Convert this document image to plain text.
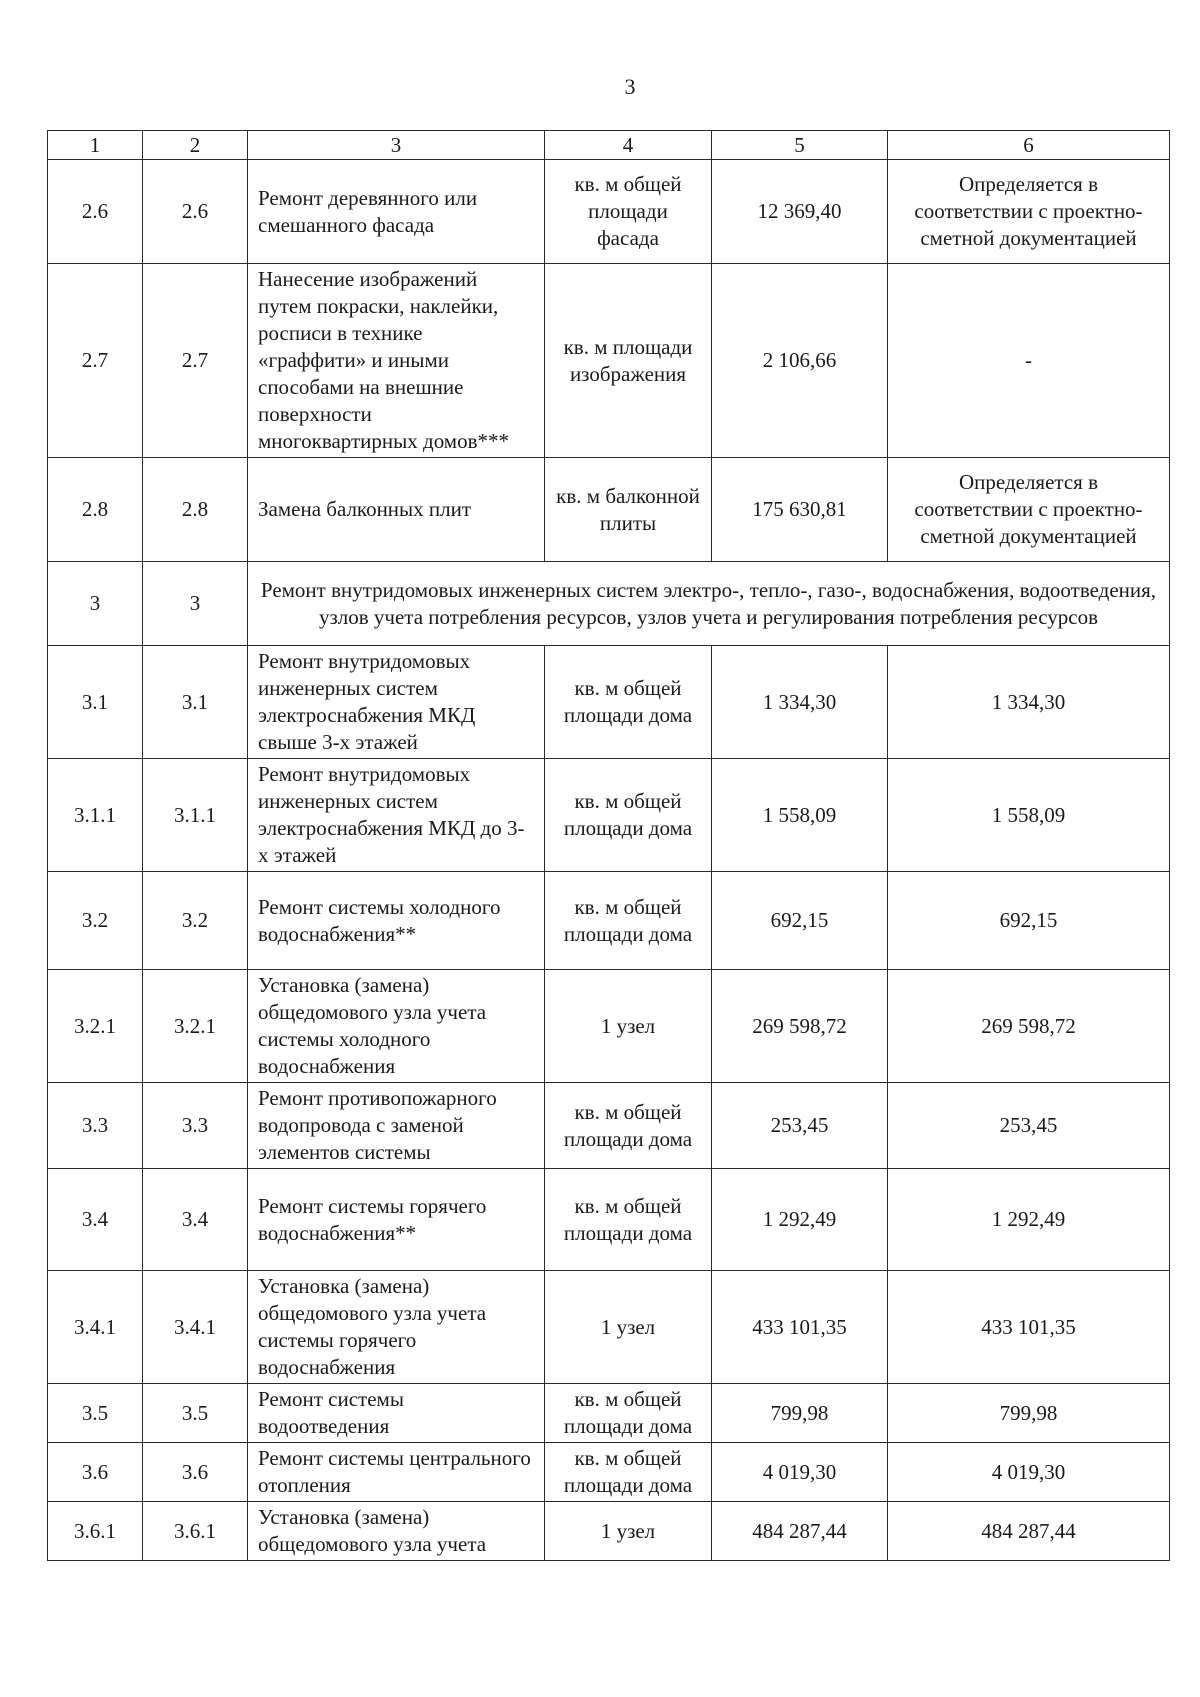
3
1	2	3	4	5	6
2.6	2.6	Ремонт деревянного или смешанного фасада	кв. м общей площади фасада	12 369,40	Определяется в соответствии с проектно-сметной документацией
2.7	2.7	Нанесение изображений путем покраски, наклейки, росписи в технике «граффити» и иными способами на внешние поверхности многоквартирных домов***	кв. м площади изображения	2 106,66	-
2.8	2.8	Замена балконных плит	кв. м балконной плиты	175 630,81	Определяется в соответствии с проектно-сметной документацией
3	3	Ремонт внутридомовых инженерных систем электро-, тепло-, газо-, водоснабжения, водоотведения, узлов учета потребления ресурсов, узлов учета и регулирования потребления ресурсов			
3.1	3.1	Ремонт внутридомовых инженерных систем электроснабжения МКД свыше 3-х этажей	кв. м общей площади дома	1 334,30	1 334,30
3.1.1	3.1.1	Ремонт внутридомовых инженерных систем электроснабжения МКД до 3-х этажей	кв. м общей площади дома	1 558,09	1 558,09
3.2	3.2	Ремонт системы холодного водоснабжения**	кв. м общей площади дома	692,15	692,15
3.2.1	3.2.1	Установка (замена) общедомового узла учета системы холодного водоснабжения	1 узел	269 598,72	269 598,72
3.3	3.3	Ремонт противопожарного водопровода с заменой элементов системы	кв. м общей площади дома	253,45	253,45
3.4	3.4	Ремонт системы горячего водоснабжения**	кв. м общей площади дома	1 292,49	1 292,49
3.4.1	3.4.1	Установка (замена) общедомового узла учета системы горячего водоснабжения	1 узел	433 101,35	433 101,35
3.5	3.5	Ремонт системы водоотведения	кв. м общей площади дома	799,98	799,98
3.6	3.6	Ремонт системы центрального отопления	кв. м общей площади дома	4 019,30	4 019,30
3.6.1	3.6.1	Установка (замена) общедомового узла учета	1 узел	484 287,44	484 287,44
